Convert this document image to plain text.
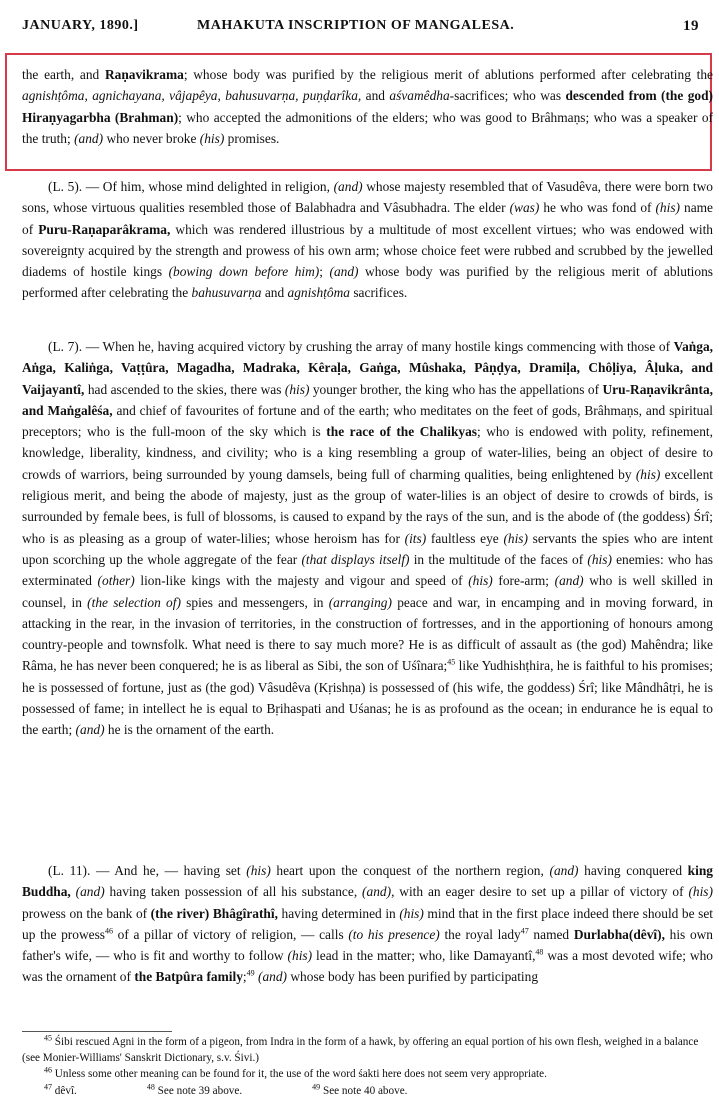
JANUARY, 1890.]	MAHAKUTA INSCRIPTION OF MANGALESA.	19
the earth, and Raṇavikrama; whose body was purified by the religious merit of ablutions performed after celebrating the agnishṭôma, agnichayana, vâjapêya, bahusuvarṇa, puṇḍarîka, and aśvamêdha-sacrifices; who was descended from (the god) Hiraṇyagarbha (Brahman); who accepted the admonitions of the elders; who was good to Brâhmaṇs; who was a speaker of the truth; (and) who never broke (his) promises.
(L. 5). — Of him, whose mind delighted in religion, (and) whose majesty resembled that of Vasudêva, there were born two sons, whose virtuous qualities resembled those of Balabhadra and Vâsubhadra. The elder (was) he who was fond of (his) name of Puru-Raṇaparâkrama, which was rendered illustrious by a multitude of most excellent virtues; who was endowed with sovereignty acquired by the strength and prowess of his own arm; whose choice feet were rubbed and scrubbed by the jewelled diadems of hostile kings (bowing down before him); (and) whose body was purified by the religious merit of ablutions performed after celebrating the bahusuvarṇa and agnishṭôma sacrifices.
(L. 7). — When he, having acquired victory by crushing the array of many hostile kings commencing with those of Vaṅga, Aṅga, Kaliṅga, Vaṭṭûra, Magadha, Madraka, Kêraḷa, Gaṅga, Mûshaka, Pâṇḍya, Dramiḷa, Chôḷiya, Âḷuka, and Vaijayantî, had ascended to the skies, there was (his) younger brother, the king who has the appellations of Uru-Raṇavikrânta, and Maṅgalêśa, and chief of favourites of fortune and of the earth; who meditates on the feet of gods, Brâhmaṇs, and spiritual preceptors; who is the full-moon of the sky which is the race of the Chalikyas; who is endowed with polity, refinement, knowledge, liberality, kindness, and civility; who is a king resembling a group of water-lilies, being an object of desire to crowds of warriors, being surrounded by young damsels, being full of charming qualities, being enlightened by (his) excellent religious merit, and being the abode of majesty, just as the group of water-lilies is an object of desire to crowds of birds, is surrounded by female bees, is full of blossoms, is caused to expand by the rays of the sun, and is the abode of (the goddess) Śrî; who is as pleasing as a group of water-lilies; whose heroism has for (its) faultless eye (his) servants the spies who are intent upon scorching up the whole aggregate of the fear (that displays itself) in the multitude of the faces of (his) enemies: who has exterminated (other) lion-like kings with the majesty and vigour and speed of (his) fore-arm; (and) who is well skilled in counsel, in (the selection of) spies and messengers, in (arranging) peace and war, in encamping and in moving forward, in attacking in the rear, in the invasion of territories, in the construction of fortresses, and in the apportioning of honours among country-people and townsfolk. What need is there to say much more? He is as difficult of assault as (the god) Mahêndra; like Râma, he has never been conquered; he is as liberal as Sibi, the son of Uśînara;$^{45}$ like Yudhishṭhira, he is faithful to his promises; he is possessed of fortune, just as (the god) Vâsudêva (Kṛishṇa) is possessed of (his wife, the goddess) Śrî; like Mândhâtṛi, he is possessed of fame; in intellect he is equal to Bṛihaspati and Uśanas; he is as profound as the ocean; in endurance he is equal to the earth; (and) he is the ornament of the earth.
(L. 11). — And he, — having set (his) heart upon the conquest of the northern region, (and) having conquered king Buddha, (and) having taken possession of all his substance, (and), with an eager desire to set up a pillar of victory of (his) prowess on the bank of (the river) Bhâgîrathî, having determined in (his) mind that in the first place indeed there should be set up the prowess$^{46}$ of a pillar of victory of religion, — calls (to his presence) the royal lady$^{47}$ named Durlabha(dêvî), his own father's wife, — who is fit and worthy to follow (his) lead in the matter; who, like Damayantî,$^{48}$ was a most devoted wife; who was the ornament of the Batpûra family;$^{49}$ (and) whose body has been purified by participating

$^{45}$ Śibi rescued Agni in the form of a pigeon, from Indra in the form of a hawk, by offering an equal portion of his own flesh, weighed in a balance (see Monier-Williams' Sanskrit Dictionary, s.v. Śivi.)

$^{46}$ Unless some other meaning can be found for it, the use of the word śakti here does not seem very appropriate.

$^{47}$ dêvî.	$^{48}$ See note 39 above.	$^{49}$ See note 40 above.
